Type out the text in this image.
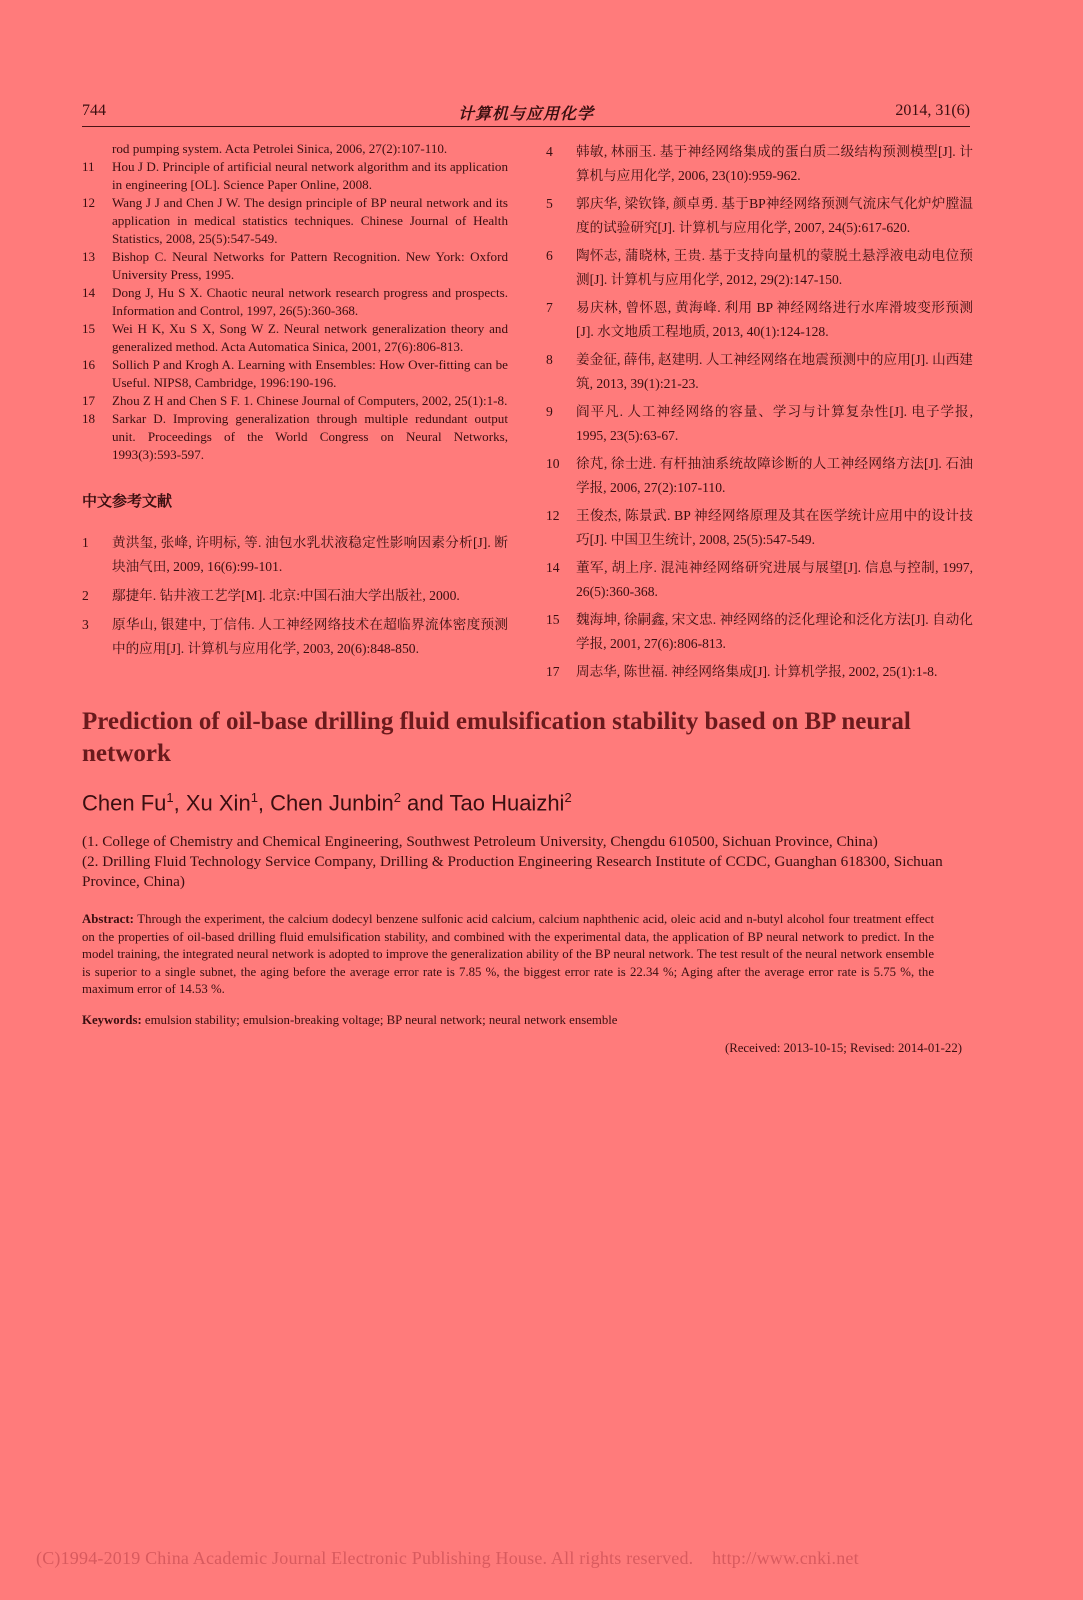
744	计算机与应用化学	2014, 31(6)
rod pumping system. Acta Petrolei Sinica, 2006, 27(2):107-110.
11	Hou J D. Principle of artificial neural network algorithm and its application in engineering [OL]. Science Paper Online, 2008.
12	Wang J J and Chen J W. The design principle of BP neural network and its application in medical statistics techniques. Chinese Journal of Health Statistics, 2008, 25(5):547-549.
13	Bishop C. Neural Networks for Pattern Recognition. New York: Oxford University Press, 1995.
14	Dong J, Hu S X. Chaotic neural network research progress and prospects. Information and Control, 1997, 26(5):360-368.
15	Wei H K, Xu S X, Song W Z. Neural network generalization theory and generalized method. Acta Automatica Sinica, 2001, 27(6):806-813.
16	Sollich P and Krogh A. Learning with Ensembles: How Over-fitting can be Useful. NIPS8, Cambridge, 1996:190-196.
17	Zhou Z H and Chen S F. 1. Chinese Journal of Computers, 2002, 25(1):1-8.
18	Sarkar D. Improving generalization through multiple redundant output unit. Proceedings of the World Congress on Neural Networks, 1993(3):593-597.
中文参考文献
1	黄洪玺, 张峰, 许明标, 等. 油包水乳状液稳定性影响因素分析[J]. 断块油气田, 2009, 16(6):99-101.
2	鄢捷年. 钻井液工艺学[M]. 北京:中国石油大学出版社, 2000.
3	原华山, 银建中, 丁信伟. 人工神经网络技术在超临界流体密度预测中的应用[J]. 计算机与应用化学, 2003, 20(6):848-850.
4	韩敏, 林丽玉. 基于神经网络集成的蛋白质二级结构预测模型[J]. 计算机与应用化学, 2006, 23(10):959-962.
5	郭庆华, 梁钦锋, 颜卓勇. 基于BP神经网络预测气流床气化炉炉膛温度的试验研究[J]. 计算机与应用化学, 2007, 24(5):617-620.
6	陶怀志, 蒲晓林, 王贵. 基于支持向量机的蒙脱土悬浮液电动电位预测[J]. 计算机与应用化学, 2012, 29(2):147-150.
7	易庆林, 曾怀恩, 黄海峰. 利用 BP 神经网络进行水库滑坡变形预测[J]. 水文地质工程地质, 2013, 40(1):124-128.
8	姜金征, 薛伟, 赵建明. 人工神经网络在地震预测中的应用[J]. 山西建筑, 2013, 39(1):21-23.
9	阎平凡. 人工神经网络的容量、学习与计算复杂性[J]. 电子学报, 1995, 23(5):63-67.
10	徐芃, 徐士进. 有杆抽油系统故障诊断的人工神经网络方法[J]. 石油学报, 2006, 27(2):107-110.
12	王俊杰, 陈景武. BP 神经网络原理及其在医学统计应用中的设计技巧[J]. 中国卫生统计, 2008, 25(5):547-549.
14	董军, 胡上序. 混沌神经网络研究进展与展望[J]. 信息与控制, 1997, 26(5):360-368.
15	魏海坤, 徐嗣鑫, 宋文忠. 神经网络的泛化理论和泛化方法[J]. 自动化学报, 2001, 27(6):806-813.
17	周志华, 陈世福. 神经网络集成[J]. 计算机学报, 2002, 25(1):1-8.
Prediction of oil-base drilling fluid emulsification stability based on BP neural network
Chen Fu$^1$, Xu Xin$^1$, Chen Junbin$^2$ and Tao Huaizhi$^2$
(1. College of Chemistry and Chemical Engineering, Southwest Petroleum University, Chengdu 610500, Sichuan Province, China)
(2. Drilling Fluid Technology Service Company, Drilling & Production Engineering Research Institute of CCDC, Guanghan 618300, Sichuan Province, China)
Abstract: Through the experiment, the calcium dodecyl benzene sulfonic acid calcium, calcium naphthenic acid, oleic acid and n-butyl alcohol four treatment effect on the properties of oil-based drilling fluid emulsification stability, and combined with the experimental data, the application of BP neural network to predict. In the model training, the integrated neural network is adopted to improve the generalization ability of the BP neural network. The test result of the neural network ensemble is superior to a single subnet, the aging before the average error rate is 7.85 %, the biggest error rate is 22.34 %; Aging after the average error rate is 5.75 %, the maximum error of 14.53 %.
Keywords: emulsion stability; emulsion-breaking voltage; BP neural network; neural network ensemble
(Received: 2013-10-15; Revised: 2014-01-22)
(C)1994-2019 China Academic Journal Electronic Publishing House. All rights reserved.    http://www.cnki.net
